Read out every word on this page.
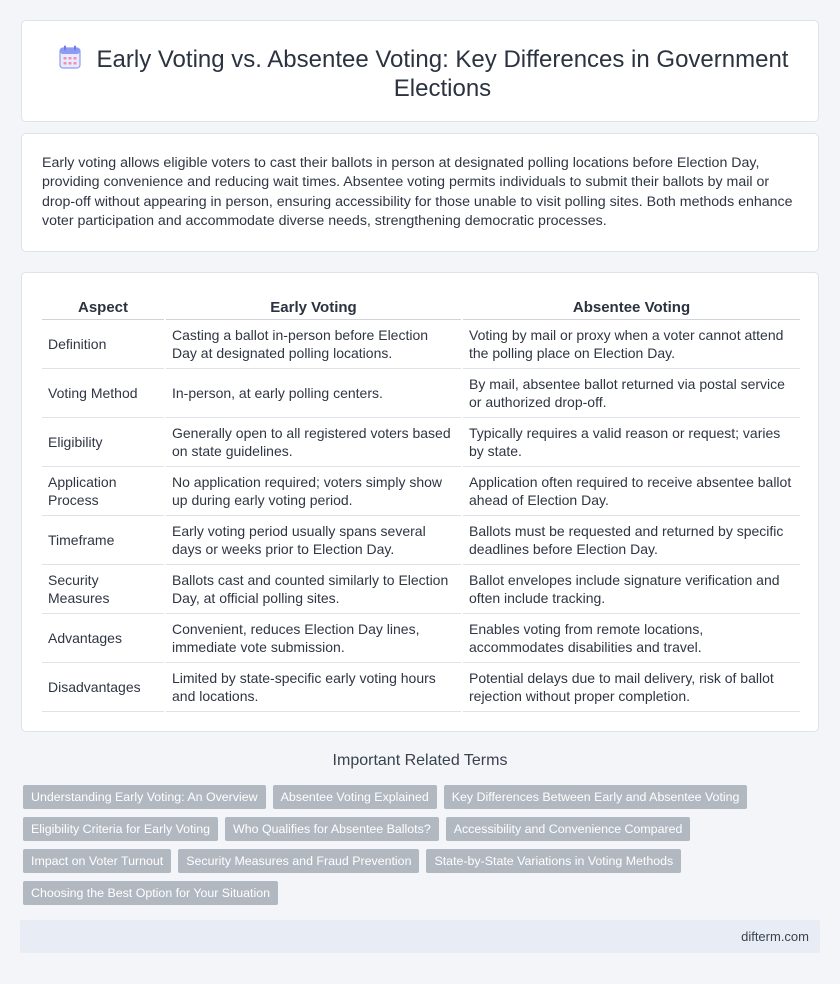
Early Voting vs. Absentee Voting: Key Differences in Government Elections

Early voting allows eligible voters to cast their ballots in person at designated polling locations before Election Day, providing convenience and reducing wait times. Absentee voting permits individuals to submit their ballots by mail or drop-off without appearing in person, ensuring accessibility for those unable to visit polling sites. Both methods enhance voter participation and accommodate diverse needs, strengthening democratic processes.

Aspect	Early Voting	Absentee Voting
Definition	Casting a ballot in-person before Election Day at designated polling locations.	Voting by mail or proxy when a voter cannot attend the polling place on Election Day.
Voting Method	In-person, at early polling centers.	By mail, absentee ballot returned via postal service or authorized drop-off.
Eligibility	Generally open to all registered voters based on state guidelines.	Typically requires a valid reason or request; varies by state.
Application Process	No application required; voters simply show up during early voting period.	Application often required to receive absentee ballot ahead of Election Day.
Timeframe	Early voting period usually spans several days or weeks prior to Election Day.	Ballots must be requested and returned by specific deadlines before Election Day.
Security Measures	Ballots cast and counted similarly to Election Day, at official polling sites.	Ballot envelopes include signature verification and often include tracking.
Advantages	Convenient, reduces Election Day lines, immediate vote submission.	Enables voting from remote locations, accommodates disabilities and travel.
Disadvantages	Limited by state-specific early voting hours and locations.	Potential delays due to mail delivery, risk of ballot rejection without proper completion.
Important Related Terms
Understanding Early Voting: An Overview	Absentee Voting Explained	Key Differences Between Early and Absentee Voting
Eligibility Criteria for Early Voting	Who Qualifies for Absentee Ballots?	Accessibility and Convenience Compared
Impact on Voter Turnout	Security Measures and Fraud Prevention	State-by-State Variations in Voting Methods
Choosing the Best Option for Your Situation
difterm.com
